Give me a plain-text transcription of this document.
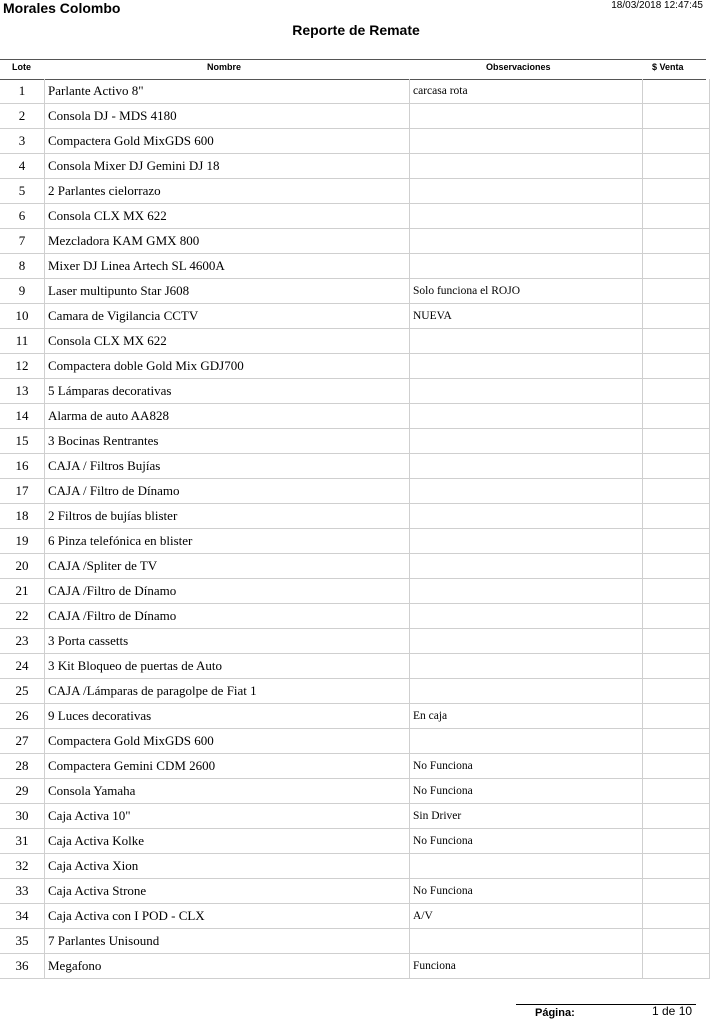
Morales Colombo	18/03/2018 12:47:45
Reporte de Remate
Lote	Nombre	Observaciones	$ Venta
1	Parlante Activo 8"	carcasa rota	
2	Consola DJ - MDS 4180		
3	Compactera Gold MixGDS 600		
4	Consola Mixer DJ Gemini DJ 18		
5	2 Parlantes cielorrazo		
6	Consola CLX MX 622		
7	Mezcladora KAM GMX 800		
8	Mixer DJ Linea Artech SL 4600A		
9	Laser multipunto Star J608	Solo funciona el ROJO	
10	Camara de Vigilancia CCTV	NUEVA	
11	Consola CLX MX 622		
12	Compactera doble Gold Mix GDJ700		
13	5 Lámparas decorativas		
14	Alarma de auto AA828		
15	3 Bocinas Rentrantes		
16	CAJA / Filtros Bujías		
17	CAJA / Filtro de Dínamo		
18	2 Filtros de bujías blister		
19	6 Pinza telefónica en blister		
20	CAJA /Spliter de TV		
21	CAJA /Filtro de Dínamo		
22	CAJA /Filtro de Dínamo		
23	3 Porta cassetts		
24	3 Kit Bloqueo de puertas de Auto		
25	CAJA /Lámparas de paragolpe de Fiat 1		
26	9 Luces decorativas	En caja	
27	Compactera Gold MixGDS 600		
28	Compactera Gemini CDM 2600	No Funciona	
29	Consola Yamaha	No Funciona	
30	Caja Activa 10"	Sin Driver	
31	Caja Activa Kolke	No Funciona	
32	Caja Activa Xion		
33	Caja Activa Strone	No Funciona	
34	Caja Activa con I POD - CLX	A/V	
35	7 Parlantes Unisound		
36	Megafono	Funciona	
Página:	1 de 10
